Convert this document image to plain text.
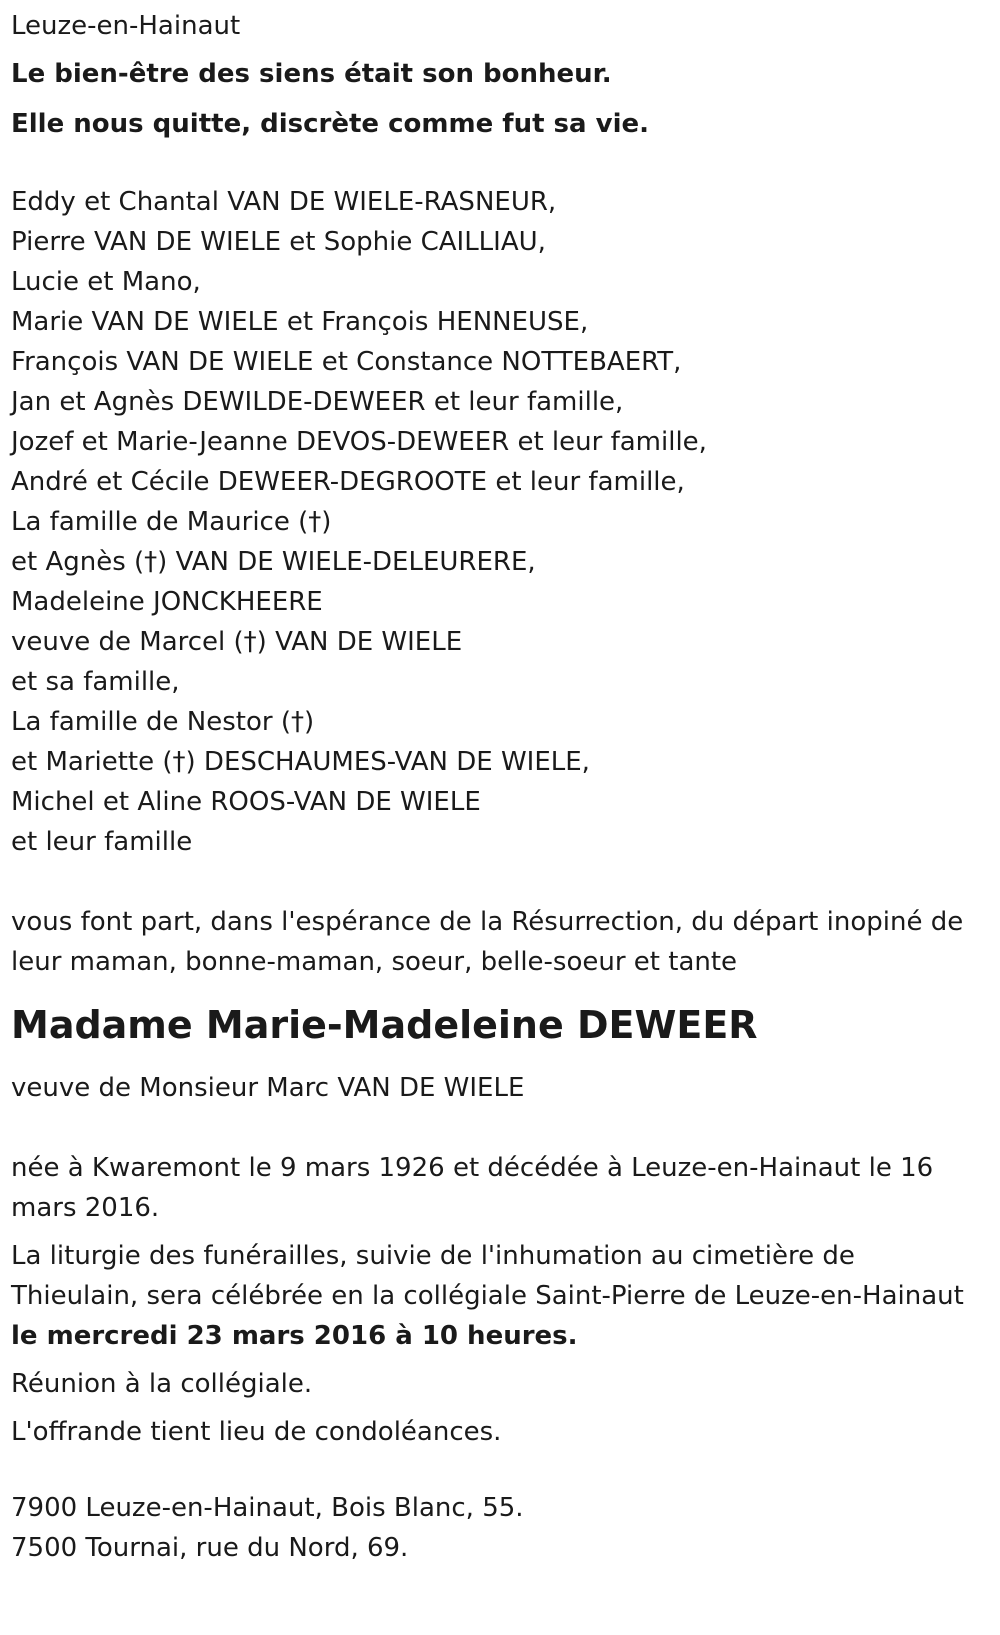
Leuze-en-Hainaut
Le bien-être des siens était son bonheur.
Elle nous quitte, discrète comme fut sa vie.
Eddy et Chantal VAN DE WIELE-RASNEUR,
Pierre VAN DE WIELE et Sophie CAILLIAU,
Lucie et Mano,
Marie VAN DE WIELE et François HENNEUSE,
François VAN DE WIELE et Constance NOTTEBAERT,
Jan et Agnès DEWILDE-DEWEER et leur famille,
Jozef et Marie-Jeanne DEVOS-DEWEER et leur famille,
André et Cécile DEWEER-DEGROOTE et leur famille,
La famille de Maurice (†)
et Agnès (†) VAN DE WIELE-DELEURERE,
Madeleine JONCKHEERE
veuve de Marcel (†) VAN DE WIELE
et sa famille,
La famille de Nestor (†)
et Mariette (†) DESCHAUMES-VAN DE WIELE,
Michel et Aline ROOS-VAN DE WIELE
et leur famille
vous font part, dans l'espérance de la Résurrection, du départ inopiné de
leur maman, bonne-maman, soeur, belle-soeur et tante
Madame Marie-Madeleine DEWEER
veuve de Monsieur Marc VAN DE WIELE
née à Kwaremont le 9 mars 1926 et décédée à Leuze-en-Hainaut le 16
mars 2016.
La liturgie des funérailles, suivie de l'inhumation au cimetière de
Thieulain, sera célébrée en la collégiale Saint-Pierre de Leuze-en-Hainaut
le mercredi 23 mars 2016 à 10 heures.
Réunion à la collégiale.
L'offrande tient lieu de condoléances.
7900 Leuze-en-Hainaut, Bois Blanc, 55.
7500 Tournai, rue du Nord, 69.
